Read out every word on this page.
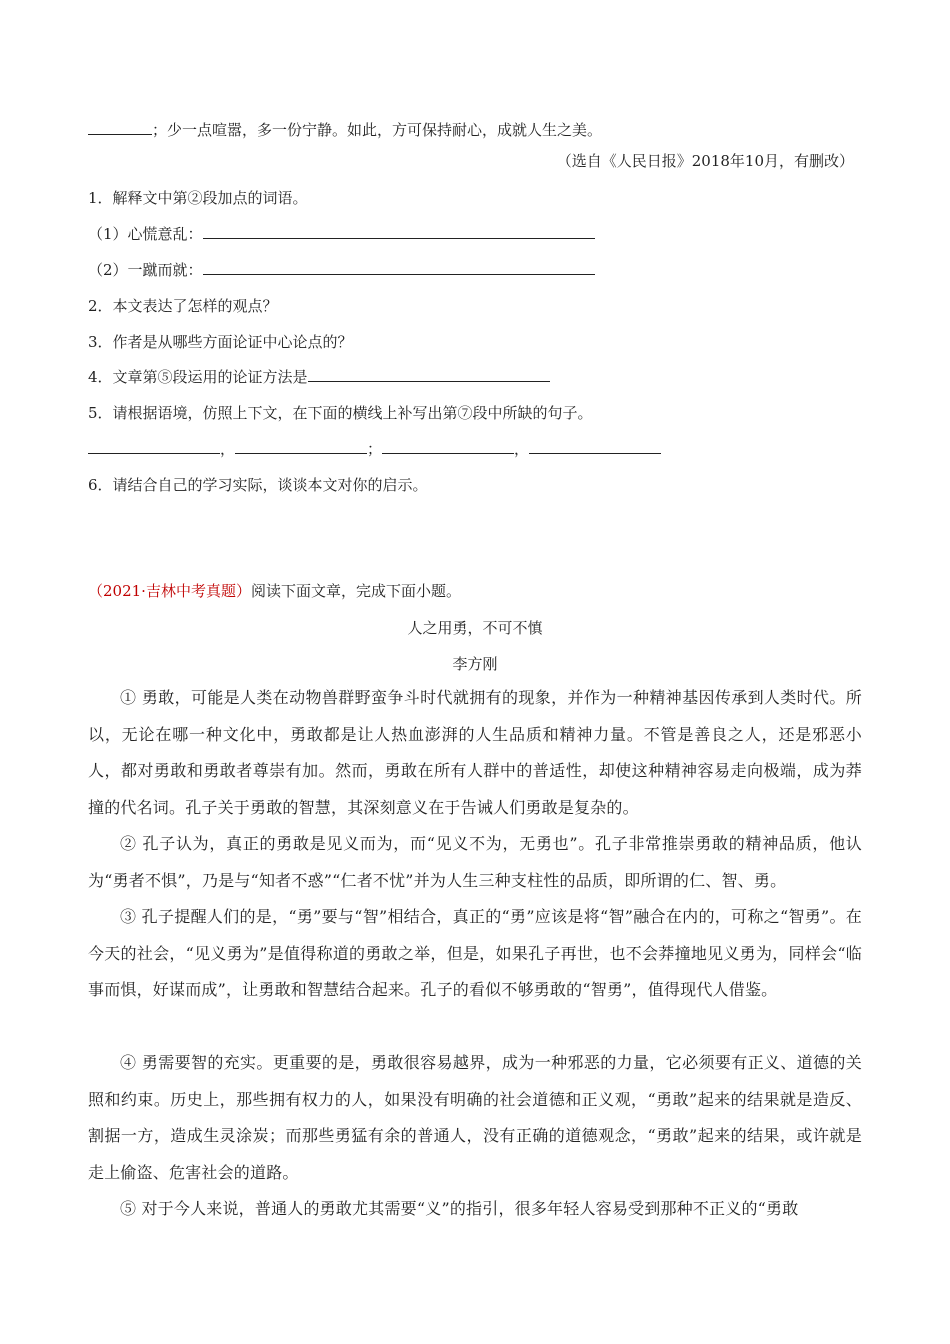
；少一点喧嚣，多一份宁静。如此，方可保持耐心，成就人生之美。
（选自《人民日报》2018年10月，有删改）
1．解释文中第②段加点的词语。
（1）心慌意乱：
（2）一蹴而就：
2．本文表达了怎样的观点？
3．作者是从哪些方面论证中心论点的？
4．文章第⑤段运用的论证方法是
5．请根据语境，仿照上下文，在下面的横线上补写出第⑦段中所缺的句子。
，	；	，
6．请结合自己的学习实际，谈谈本文对你的启示。
（2021·吉林中考真题）阅读下面文章，完成下面小题。
人之用勇，不可不慎
李方刚
① 勇敢，可能是人类在动物兽群野蛮争斗时代就拥有的现象，并作为一种精神基因传承到人类时代。所以，无论在哪一种文化中，勇敢都是让人热血澎湃的人生品质和精神力量。不管是善良之人，还是邪恶小人，都对勇敢和勇敢者尊崇有加。然而，勇敢在所有人群中的普适性，却使这种精神容易走向极端，成为莽撞的代名词。孔子关于勇敢的智慧，其深刻意义在于告诫人们勇敢是复杂的。
② 孔子认为，真正的勇敢是见义而为，而“见义不为，无勇也”。孔子非常推崇勇敢的精神品质，他认为“勇者不惧”，乃是与“知者不惑”“仁者不忧”并为人生三种支柱性的品质，即所谓的仁、智、勇。
③ 孔子提醒人们的是，“勇”要与“智”相结合，真正的“勇”应该是将“智”融合在内的，可称之“智勇”。在今天的社会，“见义勇为”是值得称道的勇敢之举，但是，如果孔子再世，也不会莽撞地见义勇为，同样会“临事而惧，好谋而成”，让勇敢和智慧结合起来。孔子的看似不够勇敢的“智勇”，值得现代人借鉴。
④ 勇需要智的充实。更重要的是，勇敢很容易越界，成为一种邪恶的力量，它必须要有正义、道德的关照和约束。历史上，那些拥有权力的人，如果没有明确的社会道德和正义观，“勇敢”起来的结果就是造反、割据一方，造成生灵涂炭；而那些勇猛有余的普通人，没有正确的道德观念，“勇敢”起来的结果，或许就是走上偷盗、危害社会的道路。
⑤ 对于今人来说，普通人的勇敢尤其需要“义”的指引，很多年轻人容易受到那种不正义的“勇敢
